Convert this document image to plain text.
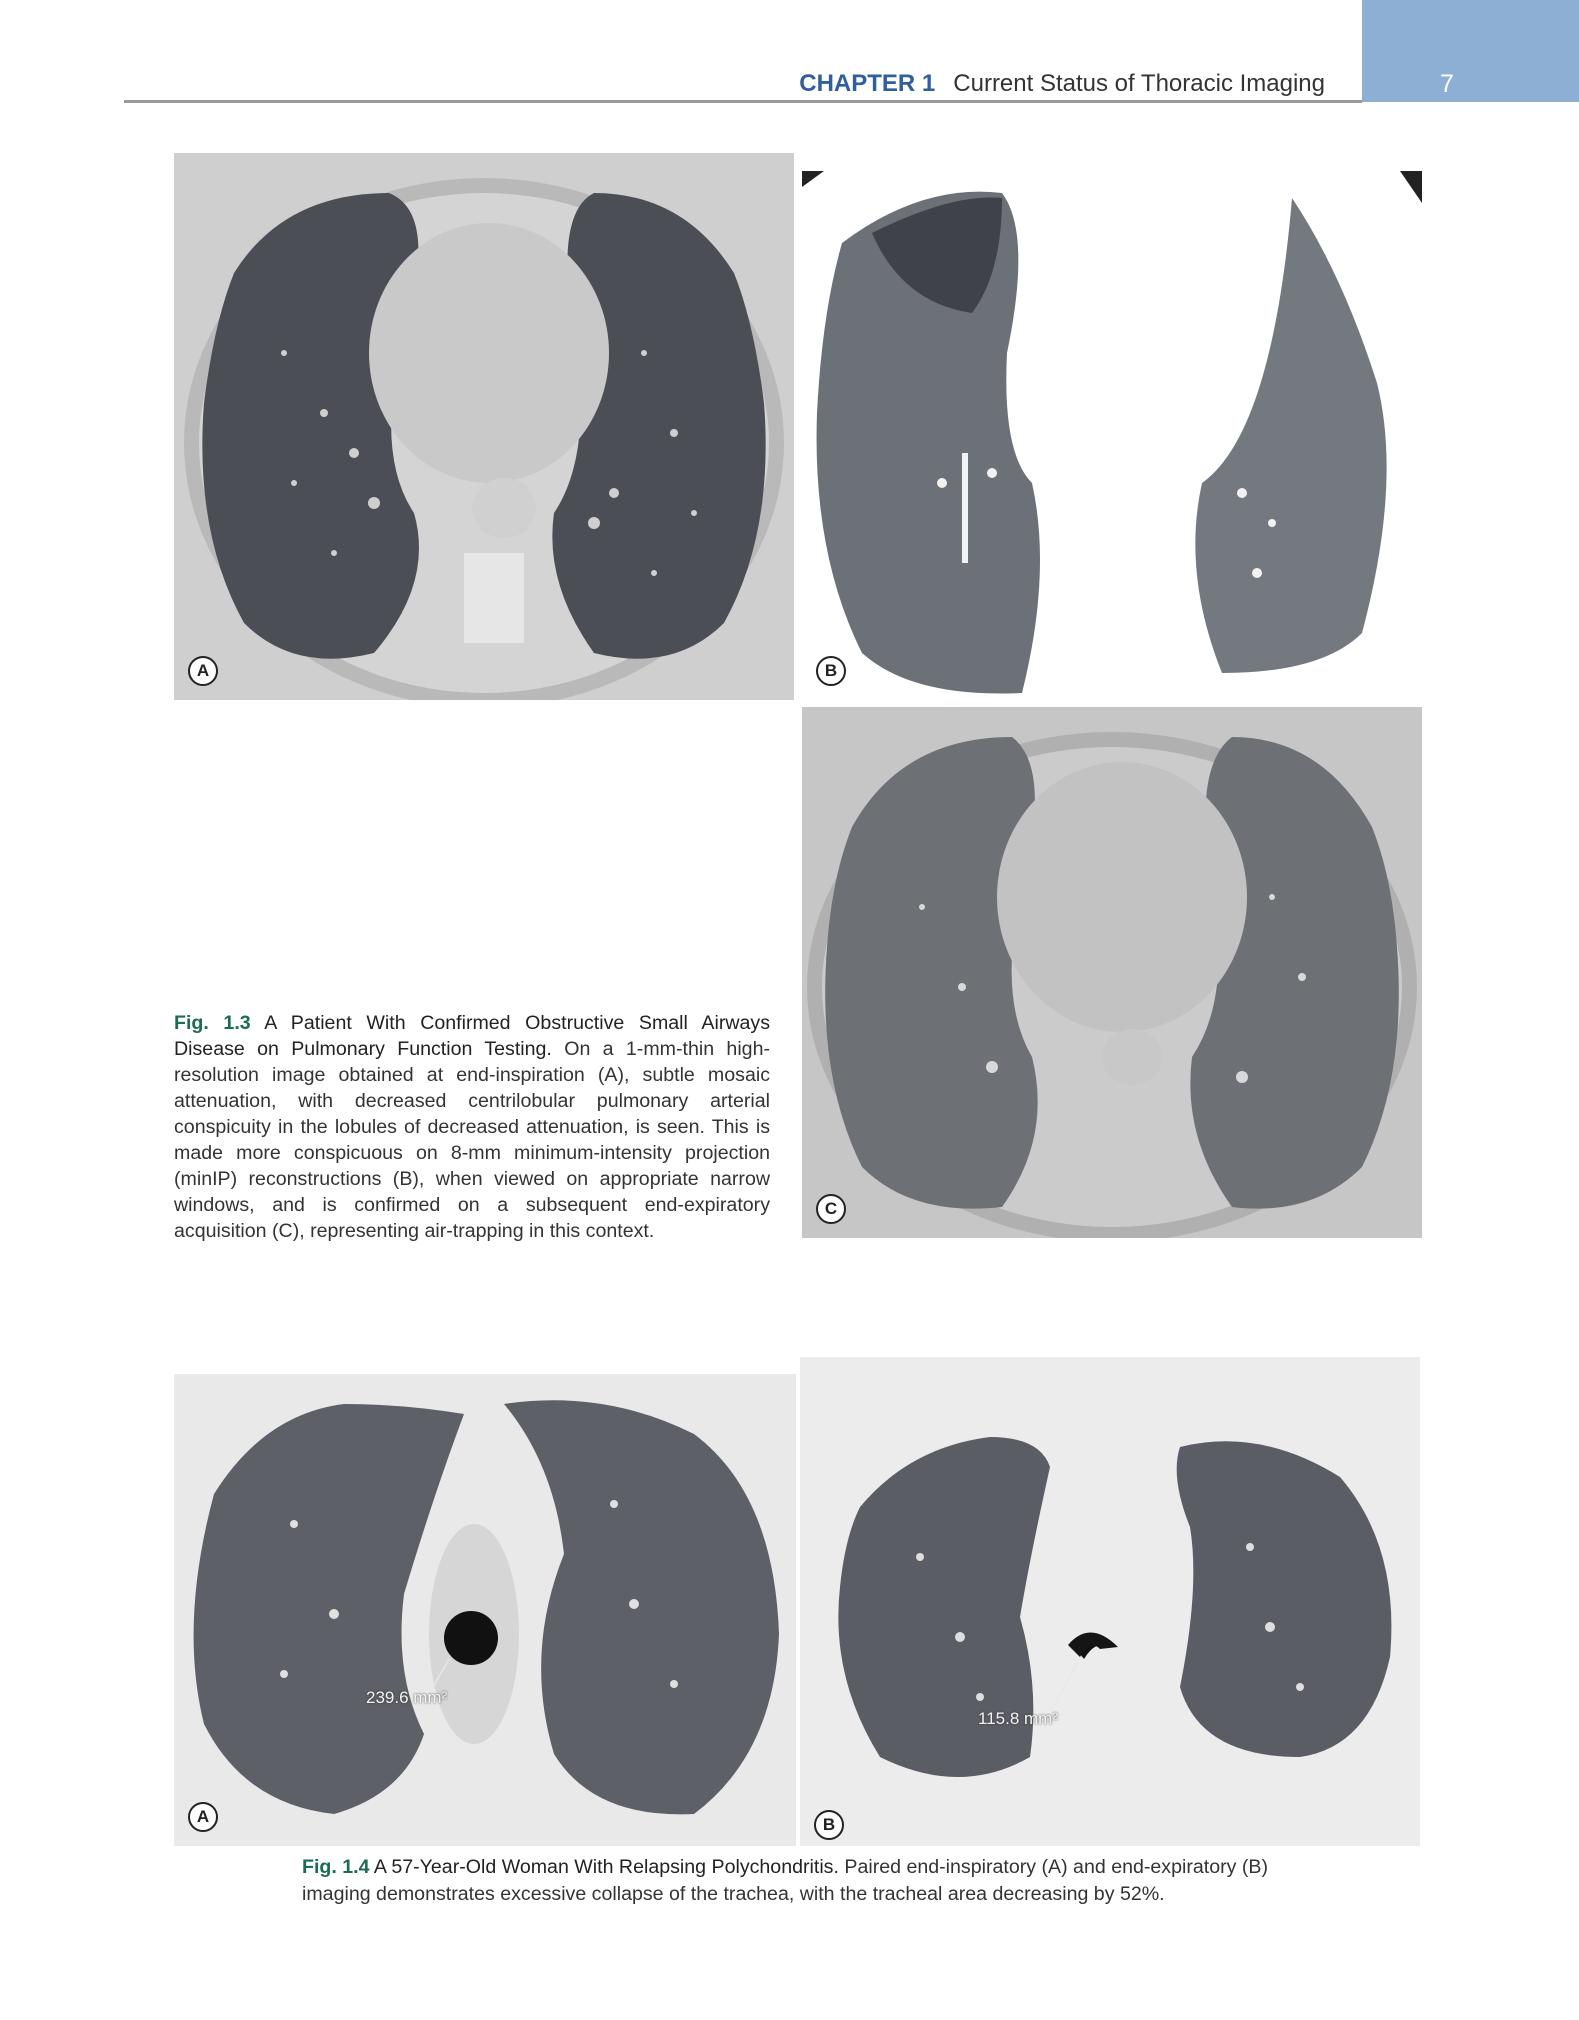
7
CHAPTER 1 Current Status of Thoracic Imaging
A	B
C
Fig. 1.3 A Patient With Confirmed Obstructive Small Airways Disease on Pulmonary Function Testing. On a 1-mm-thin high-resolution image obtained at end-inspiration (A), subtle mosaic attenuation, with decreased centrilobular pulmonary arterial conspicuity in the lobules of decreased attenuation, is seen. This is made more conspicuous on 8-mm minimum-intensity projection (minIP) reconstructions (B), when viewed on appropriate narrow windows, and is confirmed on a subsequent end-expiratory acquisition (C), representing air-trapping in this context.
239.6 mm²
A
115.8 mm²
B
Fig. 1.4 A 57-Year-Old Woman With Relapsing Polychondritis. Paired end-inspiratory (A) and end-expiratory (B) imaging demonstrates excessive collapse of the trachea, with the tracheal area decreasing by 52%.
